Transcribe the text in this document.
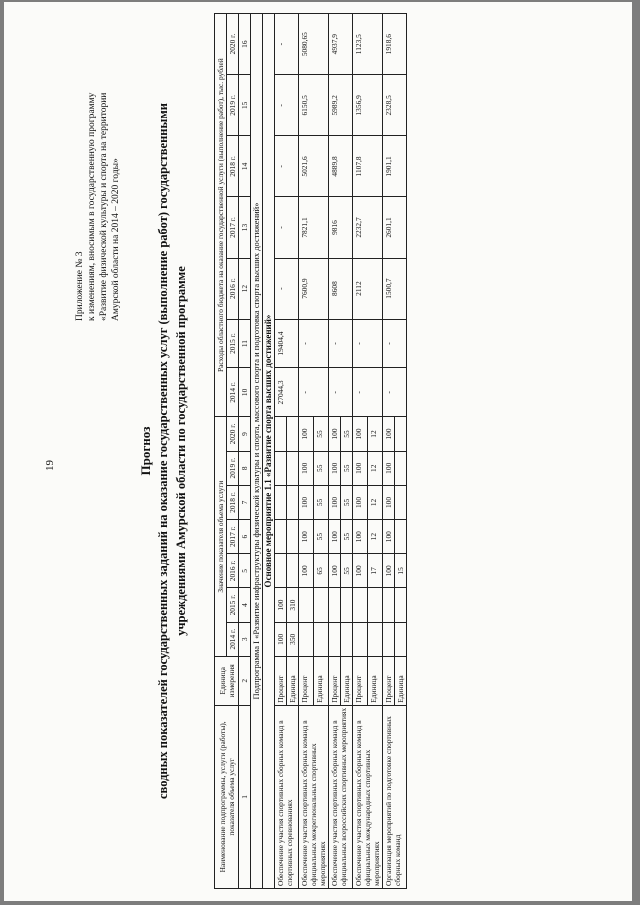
19
Приложение № 3 к изменениям, вносимым в государственную программу «Развитие физической культуры и спорта на территории Амурской области на 2014 – 2020 годы»
Прогноз сводных показателей государственных заданий на оказание государственных услуг (выполнение работ) государственными учреждениями Амурской области по государственной программе
Наименование подпрограммы, услуги (работы), показателя объема услуг	Единица измерения	Значение показателя объема услуги							Расходы областного бюджета на оказание государственной услуги (выполнение работ), тыс. рублей						
		2014 г.	2015 г.	2016 г.	2017 г.	2018 г.	2019 г.	2020 г.	2014 г.	2015 г.	2016 г.	2017 г.	2018 г.	2019 г.	2020 г.
1	2	3	4	5	6	7	8	9	10	11	12	13	14	15	16
Подпрограмма I «Развитие инфраструктуры физической культуры и спорта, массового спорта и подготовка спорта высших достижений»															
Основное мероприятие 1.1 «Развитие спорта высших достижений»															
Обеспечение участия спортивных сборных команд в спортивных соревнованиях	Процент	100	100						27044,3	19404,4	-	-	-	-	-
	Единица	350	310												
Обеспечение участия спортивных сборных команд в официальных межрегиональных спортивных мероприятиях	Процент			100	100	100	100	100	-	-	7600,9	7821,1	5021,6	6150,5	5080,65
	Единица			65	55	55	55	55							
Обеспечение участия спортивных сборных команд в официальных всероссийских спортивных мероприятиях	Процент			100	100	100	100	100	-	-	8608	9816	4889,8	5989,2	4937,9
	Единица			55	55	55	55	55							
Обеспечение участия спортивных сборных команд в официальных международных спортивных мероприятиях	Процент			100	100	100	100	100	-	-	2112	2232,7	1107,8	1356,9	1123,5
	Единица			17	12	12	12	12							
Организация мероприятий по подготовке спортивных сборных команд	Процент			100	100	100	100	100	-	-	1500,7	2601,1	1901,1	2328,5	1918,6
	Единица			15											
